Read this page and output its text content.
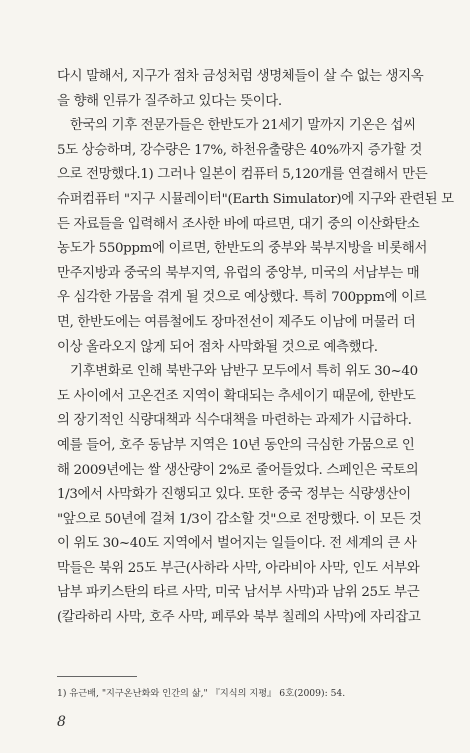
다시 말해서, 지구가 점차 금성처럼 생명체들이 살 수 없는 생지옥
을 향해 인류가 질주하고 있다는 뜻이다.
한국의 기후 전문가들은 한반도가 21세기 말까지 기온은 섭씨
5도 상승하며, 강수량은 17%, 하천유출량은 40%까지 증가할 것
으로 전망했다.1) 그러나 일본이 컴퓨터 5,120개를 연결해서 만든
슈퍼컴퓨터 "지구 시뮬레이터"(Earth Simulator)에 지구와 관련된 모
든 자료들을 입력해서 조사한 바에 따르면, 대기 중의 이산화탄소
농도가 550ppm에 이르면, 한반도의 중부와 북부지방을 비롯해서
만주지방과 중국의 북부지역, 유럽의 중앙부, 미국의 서남부는 매
우 심각한 가뭄을 겪게 될 것으로 예상했다. 특히 700ppm에 이르
면, 한반도에는 여름철에도 장마전선이 제주도 이남에 머물러 더
이상 올라오지 않게 되어 점차 사막화될 것으로 예측했다.
기후변화로 인해 북반구와 남반구 모두에서 특히 위도 30~40
도 사이에서 고온건조 지역이 확대되는 추세이기 때문에, 한반도
의 장기적인 식량대책과 식수대책을 마련하는 과제가 시급하다.
예를 들어, 호주 동남부 지역은 10년 동안의 극심한 가뭄으로 인
해 2009년에는 쌀 생산량이 2%로 줄어들었다. 스페인은 국토의
1/3에서 사막화가 진행되고 있다. 또한 중국 정부는 식량생산이
"앞으로 50년에 걸쳐 1/3이 감소할 것"으로 전망했다. 이 모든 것
이 위도 30~40도 지역에서 벌어지는 일들이다. 전 세계의 큰 사
막들은 북위 25도 부근(사하라 사막, 아라비아 사막, 인도 서부와
남부 파키스탄의 타르 사막, 미국 남서부 사막)과 남위 25도 부근
(칼라하리 사막, 호주 사막, 페루와 북부 칠레의 사막)에 자리잡고
1) 유근배, "지구온난화와 인간의 삶," 『지식의 지평』 6호(2009): 54.
8
